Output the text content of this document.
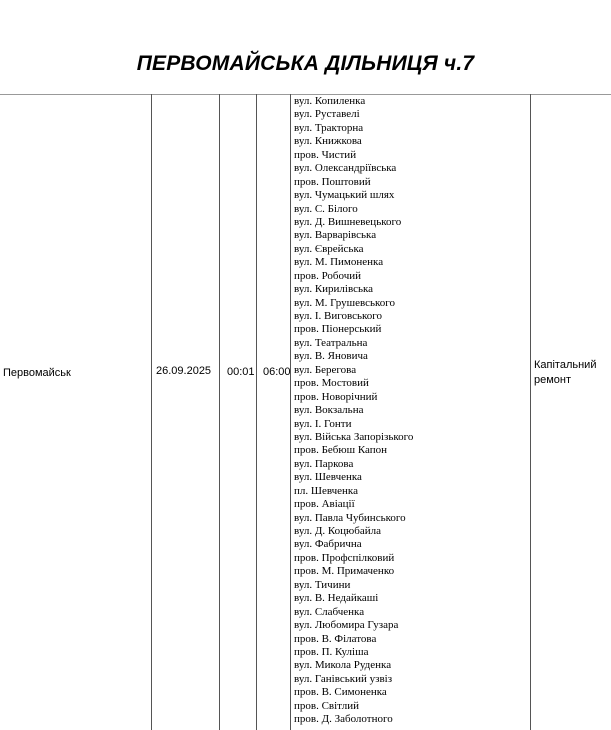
ПЕРВОМАЙСЬКА ДІЛЬНИЦЯ ч.7
Первомайськ	26.09.2025 00:01 06:00
вул. Копиленка
вул. Руставелі
вул. Тракторна
вул. Книжкова
пров. Чистий
вул. Олександріївська
пров. Поштовий
вул. Чумацький шлях
вул. С. Білого
вул. Д. Вишневецького
вул. Варварівська
вул. Єврейська
вул. М. Пимоненка
пров. Робочий
вул. Кирилівська
вул. М. Грушевського
вул. І. Виговського
пров. Піонерський
вул. Театральна
вул. В. Яновича
вул. Берегова
пров. Мостовий
пров. Новорічний
вул. Вокзальна
вул. І. Гонти
вул. Війська Запорізького
пров. Бебюш Капон
вул. Паркова
вул. Шевченка
пл. Шевченка
пров. Авіації
вул. Павла Чубинського
вул. Д. Коцюбайла
вул. Фабрична
пров. Профспілковий
пров. М. Примаченко
вул. Тичини
вул. В. Недайкаші
вул. Слабченка
вул. Любомира Гузара
пров. В. Філатова
пров. П. Куліша
вул. Микола Руденка
вул. Ганівський узвіз
пров. В. Симоненка
пров. Світлий
пров. Д. Заболотного
Капітальний ремонт
